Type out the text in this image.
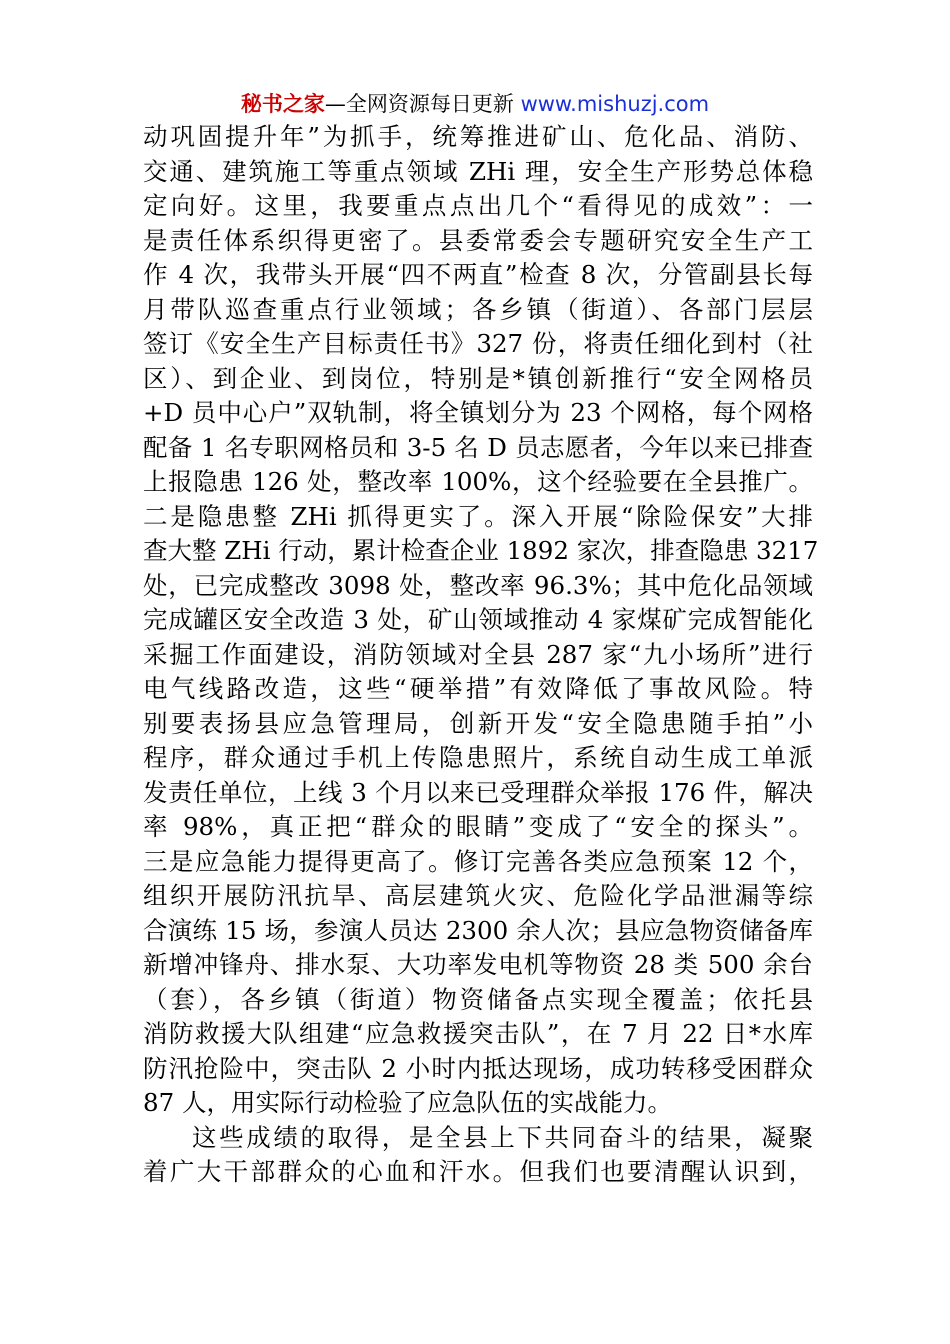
秘书之家—全网资源每日更新 www.mishuzj.com
动巩固提升年”为抓手，统筹推进矿山、危化品、消防、
交通、建筑施工等重点领域 ZHi 理，安全生产形势总体稳
定向好。这里，我要重点点出几个“看得见的成效”：一
是责任体系织得更密了。县委常委会专题研究安全生产工
作 4 次，我带头开展“四不两直”检查 8 次，分管副县长每
月带队巡查重点行业领域；各乡镇（街道）、各部门层层
签订《安全生产目标责任书》327 份，将责任细化到村（社
区）、到企业、到岗位，特别是*镇创新推行“安全网格员
+D 员中心户”双轨制，将全镇划分为 23 个网格，每个网格
配备 1 名专职网格员和 3-5 名 D 员志愿者，今年以来已排查
上报隐患 126 处，整改率 100%，这个经验要在全县推广。
二是隐患整 ZHi 抓得更实了。深入开展“除险保安”大排
查大整 ZHi 行动，累计检查企业 1892 家次，排查隐患 3217
处，已完成整改 3098 处，整改率 96.3%；其中危化品领域
完成罐区安全改造 3 处，矿山领域推动 4 家煤矿完成智能化
采掘工作面建设，消防领域对全县 287 家“九小场所”进行
电气线路改造，这些“硬举措”有效降低了事故风险。特
别要表扬县应急管理局，创新开发“安全隐患随手拍”小
程序，群众通过手机上传隐患照片，系统自动生成工单派
发责任单位，上线 3 个月以来已受理群众举报 176 件，解决
率 98%，真正把“群众的眼睛”变成了“安全的探头”。
三是应急能力提得更高了。修订完善各类应急预案 12 个，
组织开展防汛抗旱、高层建筑火灾、危险化学品泄漏等综
合演练 15 场，参演人员达 2300 余人次；县应急物资储备库
新增冲锋舟、排水泵、大功率发电机等物资 28 类 500 余台
（套），各乡镇（街道）物资储备点实现全覆盖；依托县
消防救援大队组建“应急救援突击队”，在 7 月 22 日*水库
防汛抢险中，突击队 2 小时内抵达现场，成功转移受困群众
87 人，用实际行动检验了应急队伍的实战能力。
这些成绩的取得，是全县上下共同奋斗的结果，凝聚
着广大干部群众的心血和汗水。但我们也要清醒认识到，
